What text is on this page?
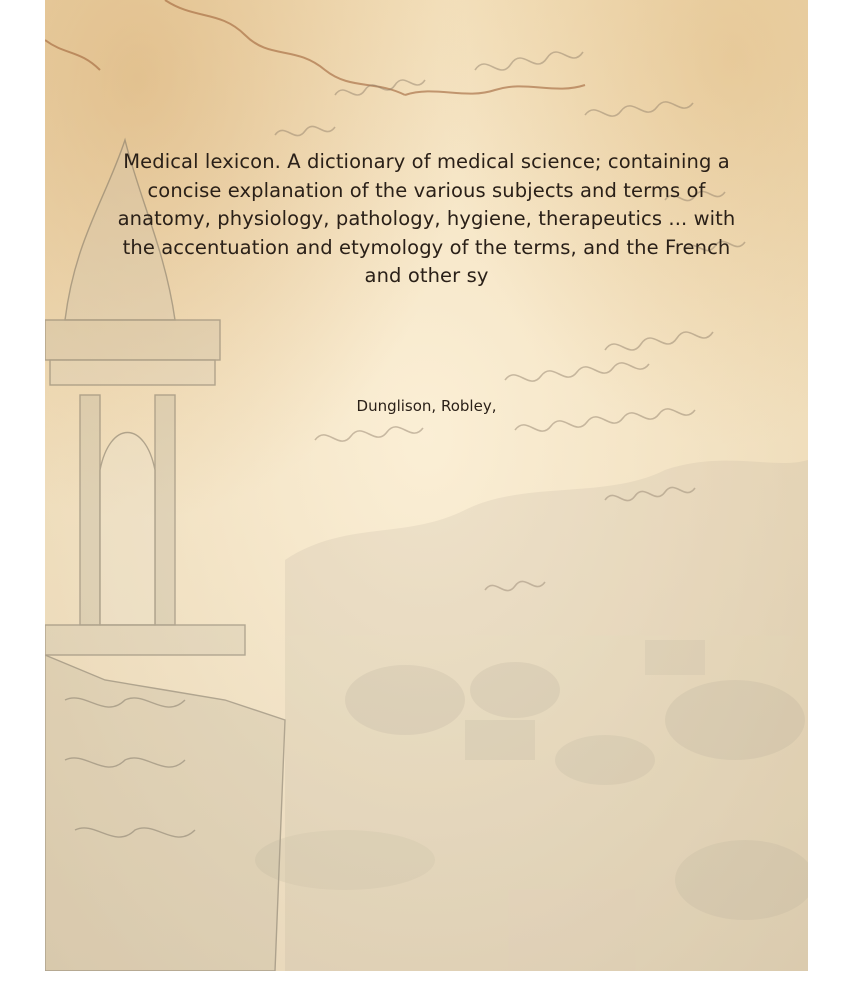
Medical lexicon. A dictionary of medical science; containing a concise explanation of the various subjects and terms of anatomy, physiology, pathology, hygiene, therapeutics ... with the accentuation and etymology of the terms, and the French and other sy
Dunglison, Robley,
